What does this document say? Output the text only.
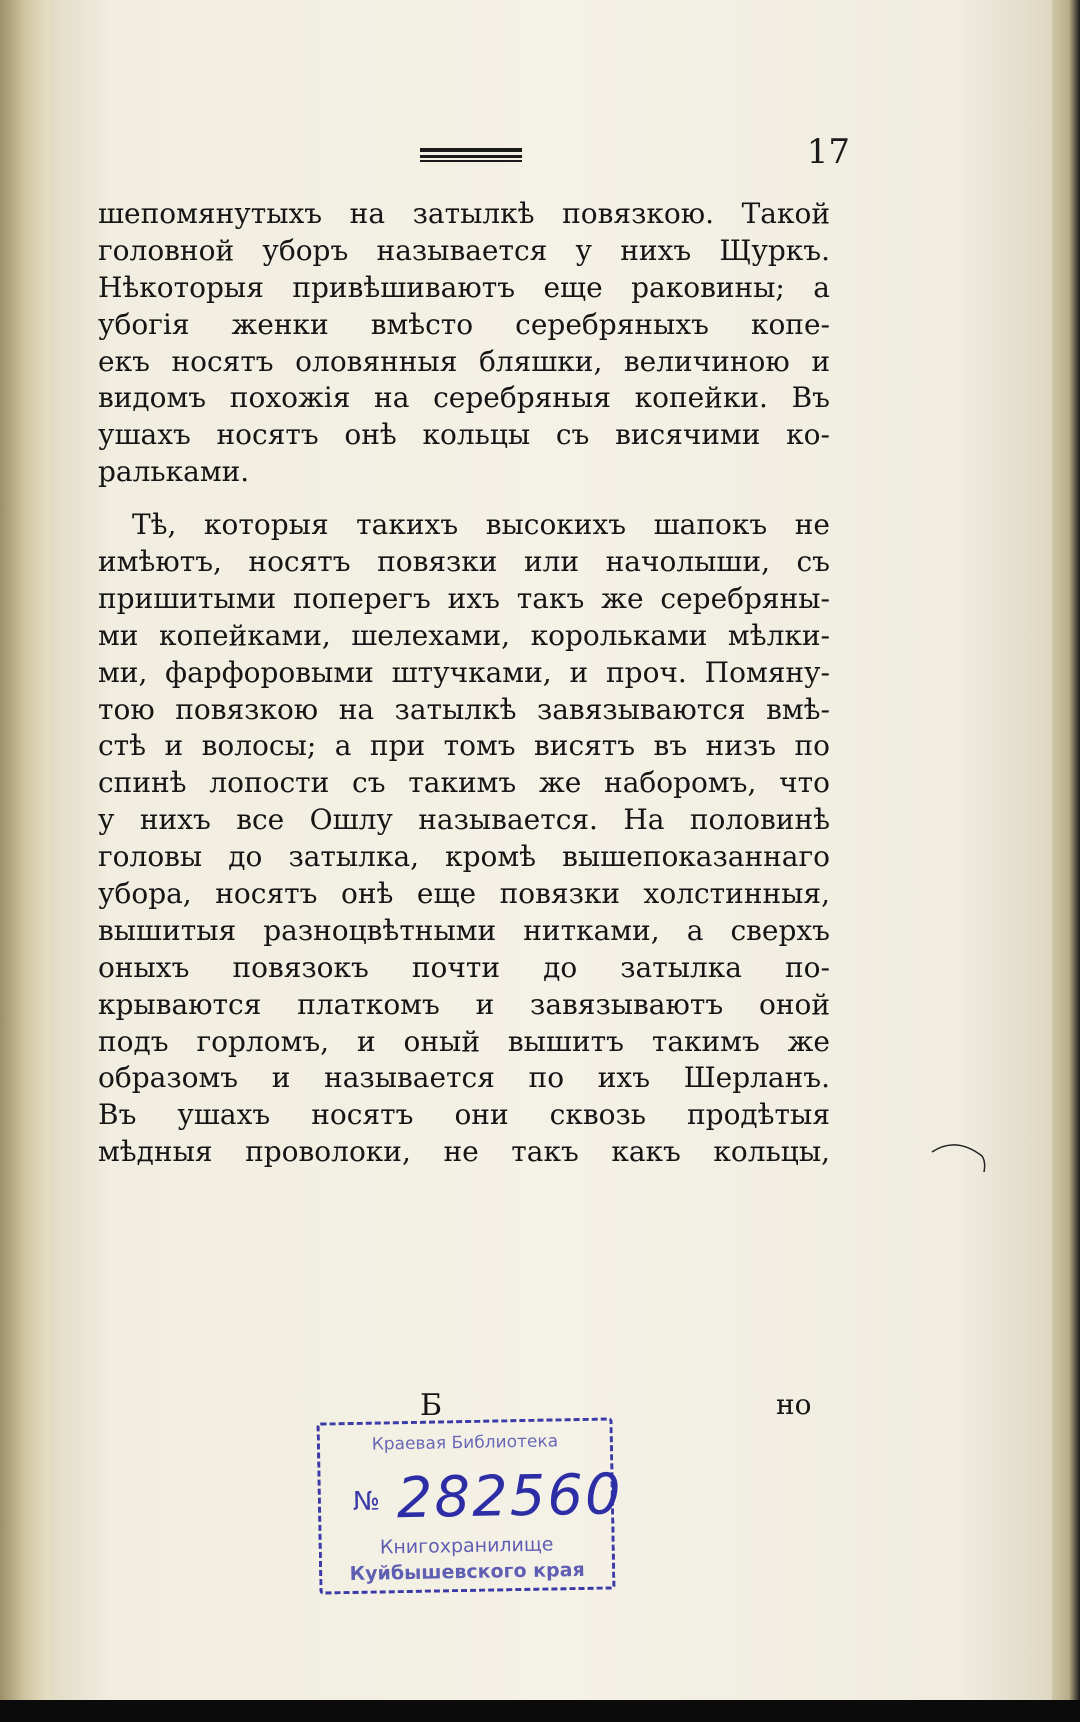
17
шепомянутыхъ на затылкѣ повязкою. Такой
головной уборъ называется у нихъ Щуркъ.
Нѣкоторыя привѣшиваютъ еще раковины; а
убогія женки вмѣсто серебряныхъ копе-
екъ носятъ оловянныя бляшки, величиною и
видомъ похожія на серебряныя копейки. Въ
ушахъ носятъ онѣ кольцы съ висячими ко-
ральками.
Тѣ, которыя такихъ высокихъ шапокъ не
имѣютъ, носятъ повязки или начолыши, съ
пришитыми поперегъ ихъ такъ же серебряны-
ми копейками, шелехами, корольками мѣлки-
ми, фарфоровыми штучками, и проч. Помяну-
тою повязкою на затылкѣ завязываются вмѣ-
стѣ и волосы; а при томъ висятъ въ низъ по
спинѣ лопости съ такимъ же наборомъ, что
у нихъ все Ошлу называется. На половинѣ
головы до затылка, кромѣ вышепоказаннаго
убора, носятъ онѣ еще повязки холстинныя,
вышитыя разноцвѣтными нитками, а сверхъ
оныхъ повязокъ почти до затылка по-
крываются платкомъ и завязываютъ оной
подъ горломъ, и оный вышитъ такимъ же
образомъ и называется по ихъ Шерланъ.
Въ ушахъ носятъ они сквозь продѣтыя
мѣдныя проволоки, не такъ какъ кольцы,
Б	но
Краевая Библиотека
№ 282560
Книгохранилище
Куйбышевского края
